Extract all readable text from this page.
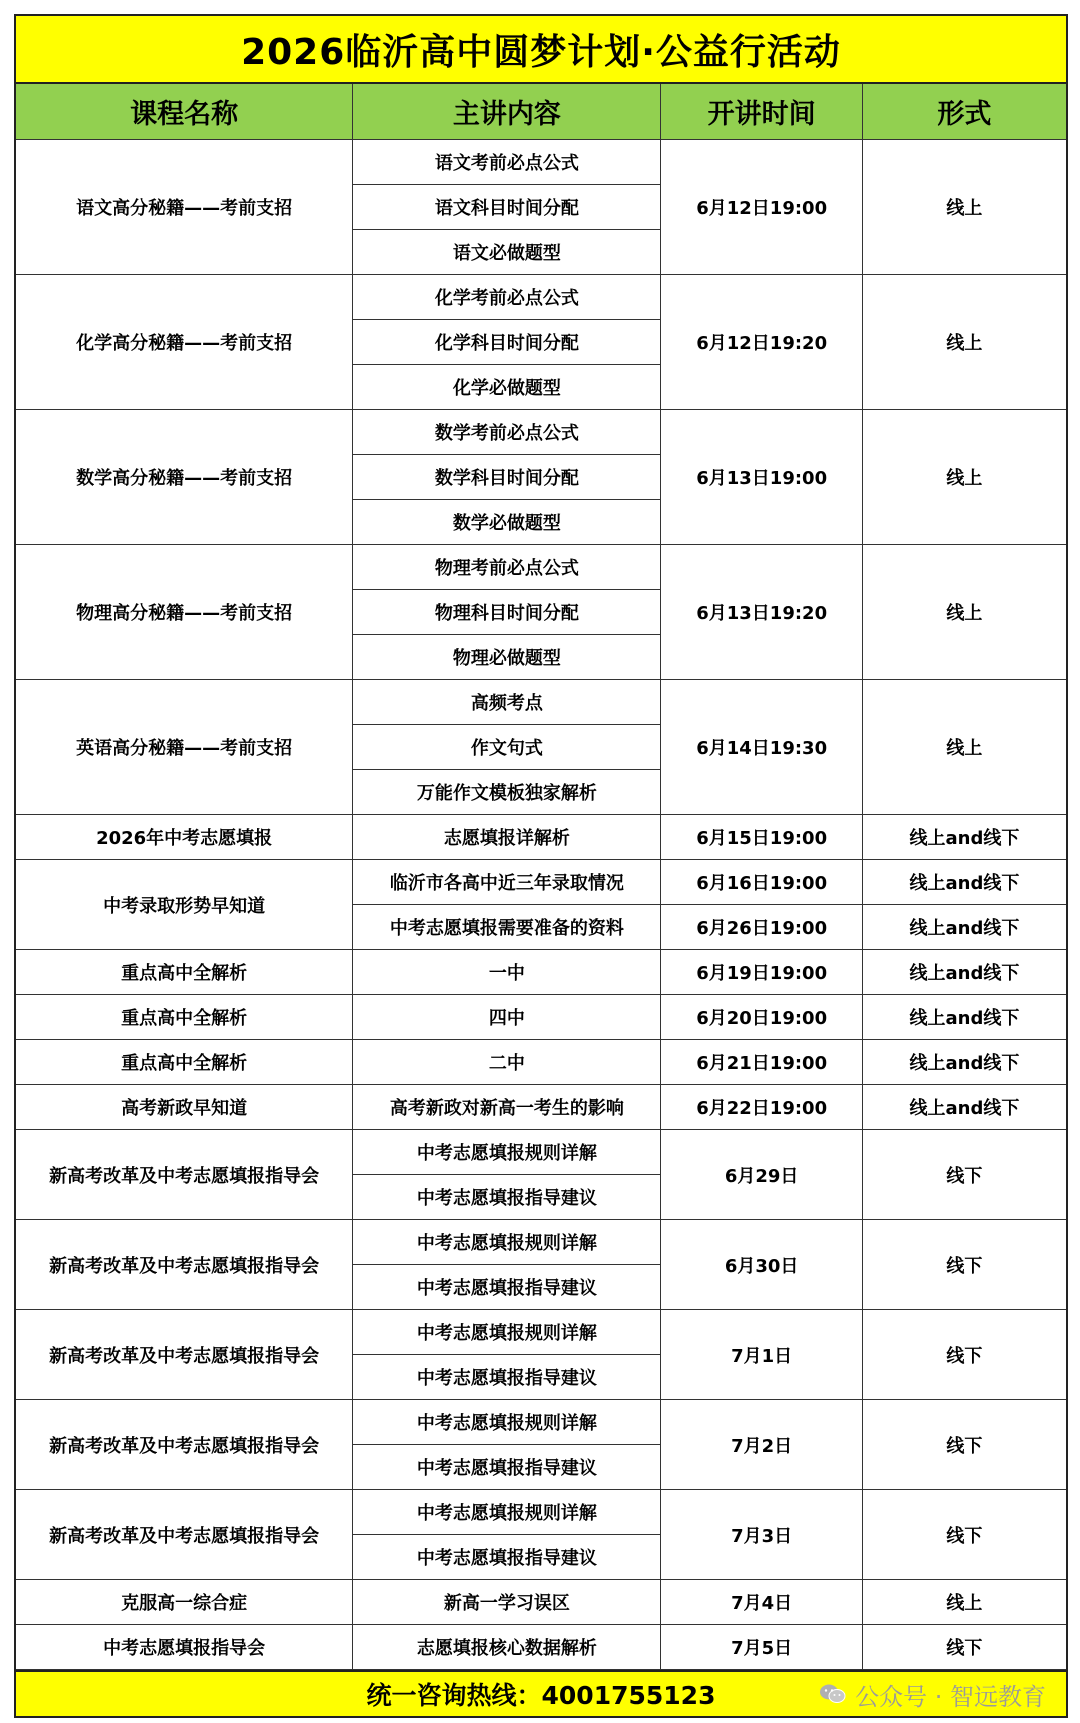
2026临沂高中圆梦计划·公益行活动
课程名称	主讲内容	开讲时间	形式
语文高分秘籍——考前支招	语文考前必点公式	6月12日19:00	线上
	语文科目时间分配		
	语文必做题型		
化学高分秘籍——考前支招	化学考前必点公式	6月12日19:20	线上
	化学科目时间分配		
	化学必做题型		
数学高分秘籍——考前支招	数学考前必点公式	6月13日19:00	线上
	数学科目时间分配		
	数学必做题型		
物理高分秘籍——考前支招	物理考前必点公式	6月13日19:20	线上
	物理科目时间分配		
	物理必做题型		
英语高分秘籍——考前支招	高频考点	6月14日19:30	线上
	作文句式		
	万能作文模板独家解析		
2026年中考志愿填报	志愿填报详解析	6月15日19:00	线上and线下
中考录取形势早知道	临沂市各高中近三年录取情况	6月16日19:00	线上and线下
	中考志愿填报需要准备的资料	6月26日19:00	线上and线下
重点高中全解析	一中	6月19日19:00	线上and线下
重点高中全解析	四中	6月20日19:00	线上and线下
重点高中全解析	二中	6月21日19:00	线上and线下
高考新政早知道	高考新政对新高一考生的影响	6月22日19:00	线上and线下
新高考改革及中考志愿填报指导会	中考志愿填报规则详解	6月29日	线下
	中考志愿填报指导建议		
新高考改革及中考志愿填报指导会	中考志愿填报规则详解	6月30日	线下
	中考志愿填报指导建议		
新高考改革及中考志愿填报指导会	中考志愿填报规则详解	7月1日	线下
	中考志愿填报指导建议		
新高考改革及中考志愿填报指导会	中考志愿填报规则详解	7月2日	线下
	中考志愿填报指导建议		
新高考改革及中考志愿填报指导会	中考志愿填报规则详解	7月3日	线下
	中考志愿填报指导建议		
克服高一综合症	新高一学习误区	7月4日	线上
中考志愿填报指导会	志愿填报核心数据解析	7月5日	线下
统一咨询热线：4001755123	公众号 · 智远教育
